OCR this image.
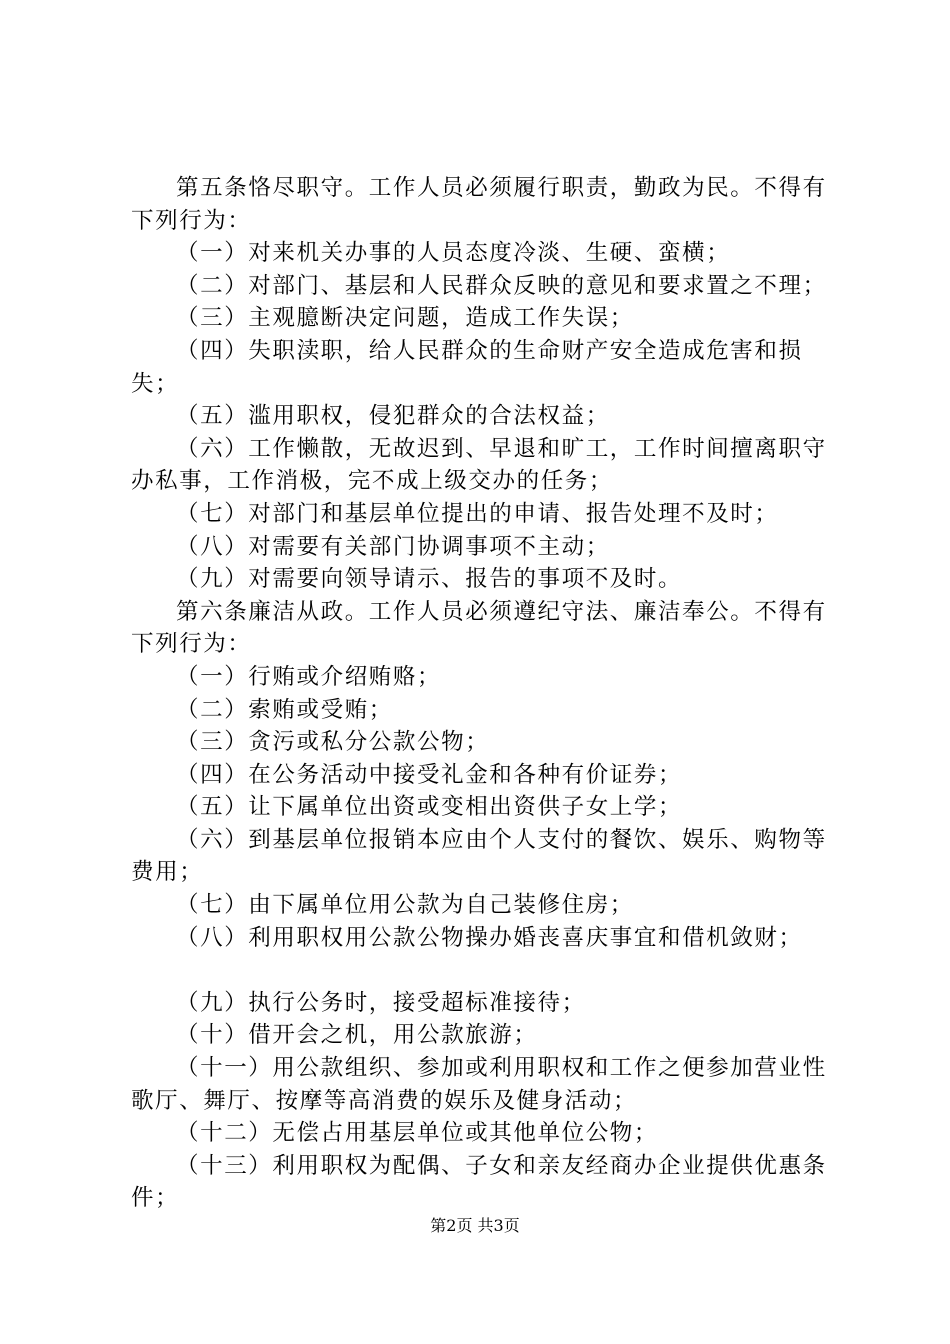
第五条恪尽职守。工作人员必须履行职责，勤政为民。不得有下列行为：

（一）对来机关办事的人员态度冷淡、生硬、蛮横；

（二）对部门、基层和人民群众反映的意见和要求置之不理；

（三）主观臆断决定问题，造成工作失误；

（四）失职渎职，给人民群众的生命财产安全造成危害和损失；

（五）滥用职权，侵犯群众的合法权益；

（六）工作懒散，无故迟到、早退和旷工，工作时间擅离职守办私事，工作消极，完不成上级交办的任务；

（七）对部门和基层单位提出的申请、报告处理不及时；

（八）对需要有关部门协调事项不主动；

（九）对需要向领导请示、报告的事项不及时。

第六条廉洁从政。工作人员必须遵纪守法、廉洁奉公。不得有下列行为：

（一）行贿或介绍贿赂；

（二）索贿或受贿；

（三）贪污或私分公款公物；

（四）在公务活动中接受礼金和各种有价证券；

（五）让下属单位出资或变相出资供子女上学；

（六）到基层单位报销本应由个人支付的餐饮、娱乐、购物等费用；

（七）由下属单位用公款为自己装修住房；

（八）利用职权用公款公物操办婚丧喜庆事宜和借机敛财；

（九）执行公务时，接受超标准接待；

（十）借开会之机，用公款旅游；

（十一）用公款组织、参加或利用职权和工作之便参加营业性歌厅、舞厅、按摩等高消费的娱乐及健身活动；

（十二）无偿占用基层单位或其他单位公物；

（十三）利用职权为配偶、子女和亲友经商办企业提供优惠条件；

第2页 共3页
